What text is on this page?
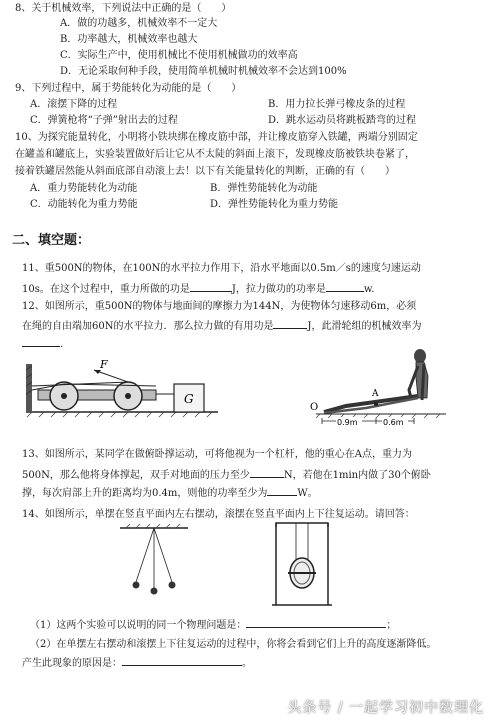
8、关于机械效率，下列说法中正确的是（　　）
A．做的功越多，机械效率不一定大
B．功率越大，机械效率也越大
C．实际生产中，使用机械比不使用机械做功的效率高
D．无论采取何种手段，使用简单机械时机械效率不会达到100%
9、下列过程中，属于势能转化为动能的是（　　）
A．滚摆下降的过程	B．用力拉长弹弓橡皮条的过程
C．弹簧枪将“子弹”射出去的过程	D．跳水运动员将跳板踏弯的过程
10、为探究能量转化，小明将小铁块绑在橡皮筋中部，并让橡皮筋穿入铁罐，两端分别固定
在罐盖和罐底上，实验装置做好后让它从不太陡的斜面上滚下，发现橡皮筋被铁块卷紧了，
接着铁罐居然能从斜面底部自动滚上去！以下有关能量转化的判断，正确的有（　　）
A．重力势能转化为动能	B．弹性势能转化为动能
C．动能转化为重力势能	D．弹性势能转化为重力势能
二、填空题：
11、重500N的物体，在100N的水平拉力作用下，沿水平地面以0.5m／s的速度匀速运动
10s。在这个过程中，重力所做的功是	J，拉力做功的功率是	w.
12、如图所示，重500N的物体与地面间的摩擦力为144N，为使物体匀速移动6m，必须
在绳的自由端加60N的水平拉力．那么拉力做的有用功是	J，此滑轮组的机械效率为
.
F
G	A
O
0.9m	0.6m
13、如图所示，某同学在做俯卧撑运动，可将他视为一个杠杆，他的重心在A点，重力为
500N，那么他将身体撑起，双手对地面的压力至少	N，若他在1min内做了30个俯卧
撑，每次肩部上升的距离均为0.4m，则他的功率至少为	W。
14、如图所示，单摆在竖直平面内左右摆动，滚摆在竖直平面内上下往复运动。请回答：
（1）这两个实验可以说明的同一个物理问题是：	；
（2）在单摆左右摆动和滚摆上下往复运动的过程中，你将会看到它们上升的高度逐渐降低。
产生此现象的原因是：	。
头条号 / 一起学习初中数理化
